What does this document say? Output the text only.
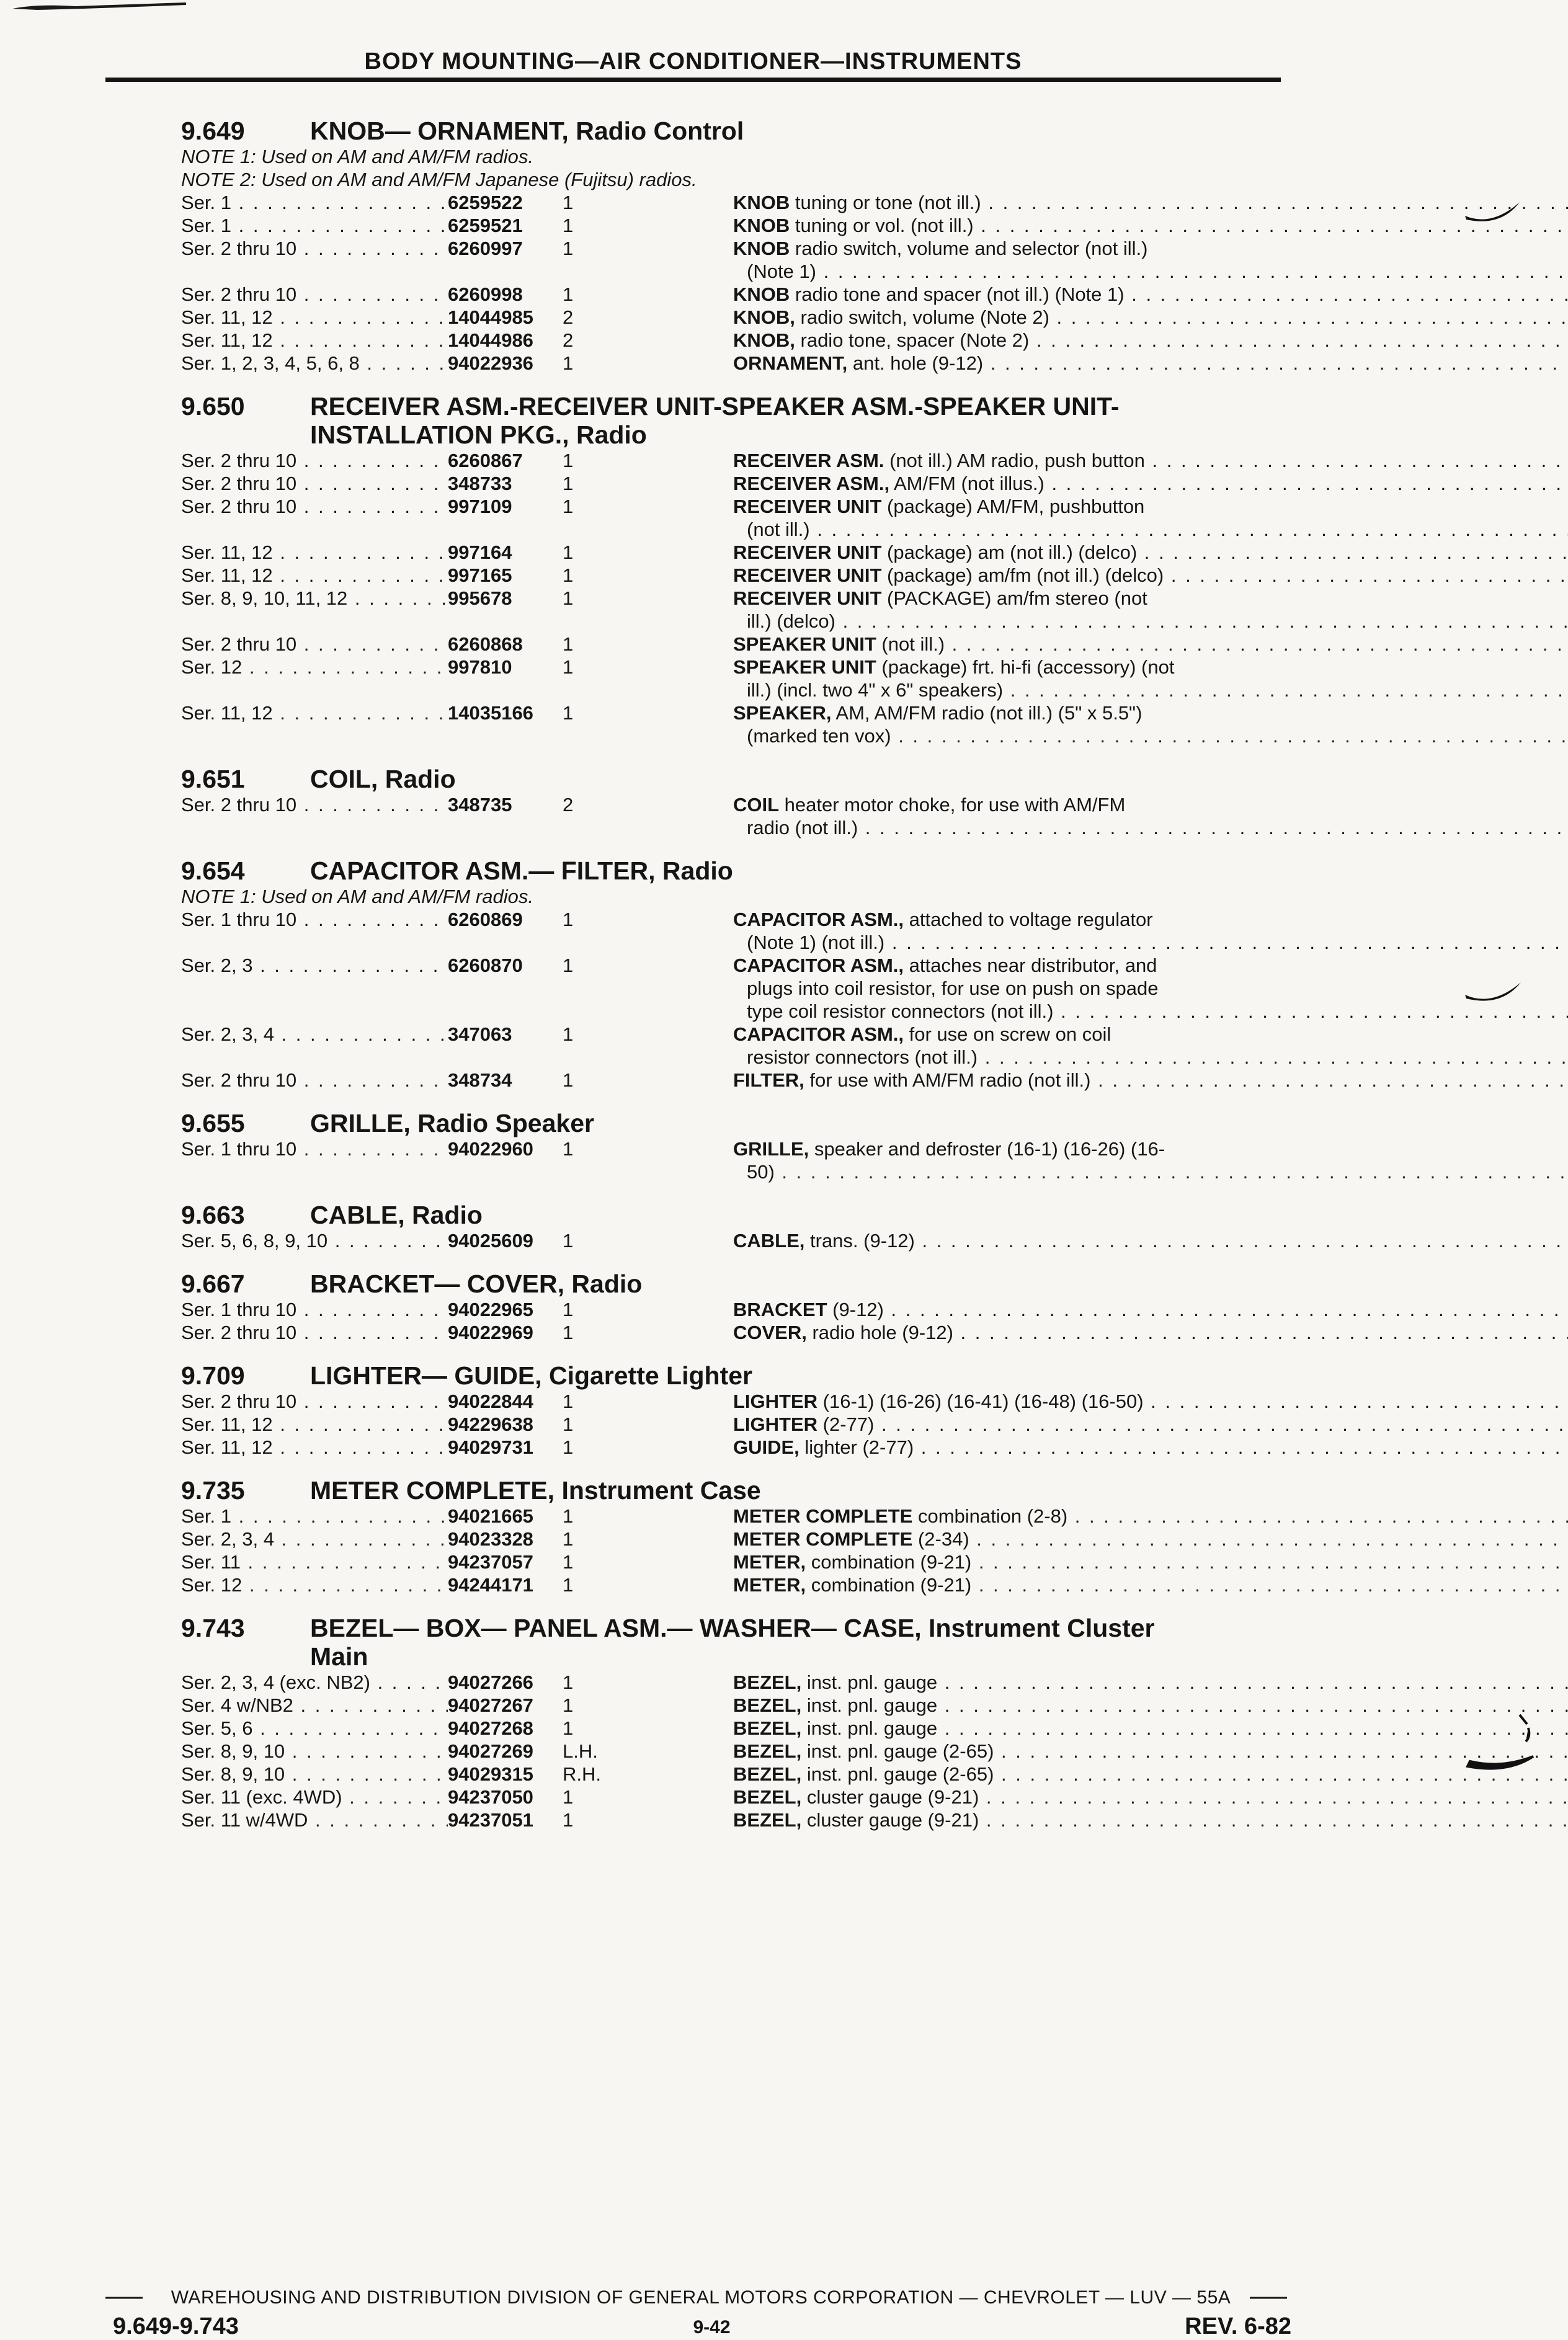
BODY MOUNTING—AIR CONDITIONER—INSTRUMENTS
9.649	KNOB— ORNAMENT, Radio Control
NOTE 1: Used on AM and AM/FM radios.
NOTE 2: Used on AM and AM/FM Japanese (Fujitsu) radios.
Ser. 1 . . .	6259522	1	KNOB tuning or tone (not ill.) . . .
Ser. 1 . . .	6259521	1	KNOB tuning or vol. (not ill.) . . .
Ser. 2 thru 10 . . .	6260997	1	KNOB radio switch, volume and selector (not ill.)
(Note 1) . . .
Ser. 2 thru 10 . . .	6260998	1	KNOB radio tone and spacer (not ill.) (Note 1) . . .
Ser. 11, 12 . . .	14044985	2	KNOB, radio switch, volume (Note 2) . . .
Ser. 11, 12 . . .	14044986	2	KNOB, radio tone, spacer (Note 2) . . .
Ser. 1, 2, 3, 4, 5, 6, 8 . . .	94022936	1	ORNAMENT, ant. hole (9-12) . . .
9.650	RECEIVER ASM.-RECEIVER UNIT-SPEAKER ASM.-SPEAKER UNIT-
INSTALLATION PKG., Radio
Ser. 2 thru 10 . . .	6260867	1	RECEIVER ASM. (not ill.) AM radio, push button . . .
Ser. 2 thru 10 . . .	348733	1	RECEIVER ASM., AM/FM (not illus.) . . .
Ser. 2 thru 10 . . .	997109	1	RECEIVER UNIT (package) AM/FM, pushbutton
(not ill.) . . .
Ser. 11, 12 . . .	997164	1	RECEIVER UNIT (package) am (not ill.) (delco) . . .
Ser. 11, 12 . . .	997165	1	RECEIVER UNIT (package) am/fm (not ill.) (delco) . . .
Ser. 8, 9, 10, 11, 12 . . .	995678	1	RECEIVER UNIT (PACKAGE) am/fm stereo (not
ill.) (delco) . . .
Ser. 2 thru 10 . . .	6260868	1	SPEAKER UNIT (not ill.) . . .
Ser. 12 . . .	997810	1	SPEAKER UNIT (package) frt. hi-fi (accessory) (not
ill.) (incl. two 4" x 6" speakers) . . .
Ser. 11, 12 . . .	14035166	1	SPEAKER, AM, AM/FM radio (not ill.) (5" x 5.5")
(marked ten vox) . . .
9.651	COIL, Radio
Ser. 2 thru 10 . . .	348735	2	COIL heater motor choke, for use with AM/FM
radio (not ill.) . . .
9.654	CAPACITOR ASM.— FILTER, Radio
NOTE 1: Used on AM and AM/FM radios.
Ser. 1 thru 10 . . .	6260869	1	CAPACITOR ASM., attached to voltage regulator
(Note 1) (not ill.) . . .
Ser. 2, 3 . . .	6260870	1	CAPACITOR ASM., attaches near distributor, and
plugs into coil resistor, for use on push on spade
type coil resistor connectors (not ill.) . . .
Ser. 2, 3, 4 . . .	347063	1	CAPACITOR ASM., for use on screw on coil
resistor connectors (not ill.) . . .
Ser. 2 thru 10 . . .	348734	1	FILTER, for use with AM/FM radio (not ill.) . . .
9.655	GRILLE, Radio Speaker
Ser. 1 thru 10 . . .	94022960	1	GRILLE, speaker and defroster (16-1) (16-26) (16-
50) . . .
9.663	CABLE, Radio
Ser. 5, 6, 8, 9, 10 . . .	94025609	1	CABLE, trans. (9-12) . . .
9.667	BRACKET— COVER, Radio
Ser. 1 thru 10 . . .	94022965	1	BRACKET (9-12) . . .
Ser. 2 thru 10 . . .	94022969	1	COVER, radio hole (9-12) . . .
9.709	LIGHTER— GUIDE, Cigarette Lighter
Ser. 2 thru 10 . . .	94022844	1	LIGHTER (16-1) (16-26) (16-41) (16-48) (16-50) . . .
Ser. 11, 12 . . .	94229638	1	LIGHTER (2-77) . . .
Ser. 11, 12 . . .	94029731	1	GUIDE, lighter (2-77) . . .
9.735	METER COMPLETE, Instrument Case
Ser. 1 . . .	94021665	1	METER COMPLETE combination (2-8) . . .
Ser. 2, 3, 4 . . .	94023328	1	METER COMPLETE (2-34) . . .
Ser. 11 . . .	94237057	1	METER, combination (9-21) . . .
Ser. 12 . . .	94244171	1	METER, combination (9-21) . . .
9.743	BEZEL— BOX— PANEL ASM.— WASHER— CASE, Instrument Cluster
Main
Ser. 2, 3, 4 (exc. NB2) . . .	94027266	1	BEZEL, inst. pnl. gauge . . .
Ser. 4 w/NB2 . . .	94027267	1	BEZEL, inst. pnl. gauge . . .
Ser. 5, 6 . . .	94027268	1	BEZEL, inst. pnl. gauge . . .
Ser. 8, 9, 10 . . .	94027269	L.H.	BEZEL, inst. pnl. gauge (2-65) . . .
Ser. 8, 9, 10 . . .	94029315	R.H.	BEZEL, inst. pnl. gauge (2-65) . . .
Ser. 11 (exc. 4WD) . . .	94237050	1	BEZEL, cluster gauge (9-21) . . .
Ser. 11 w/4WD . . .	94237051	1	BEZEL, cluster gauge (9-21) . . .
WAREHOUSING AND DISTRIBUTION DIVISION OF GENERAL MOTORS CORPORATION — CHEVROLET — LUV — 55A
9.649-9.743	9-42	REV. 6-82
